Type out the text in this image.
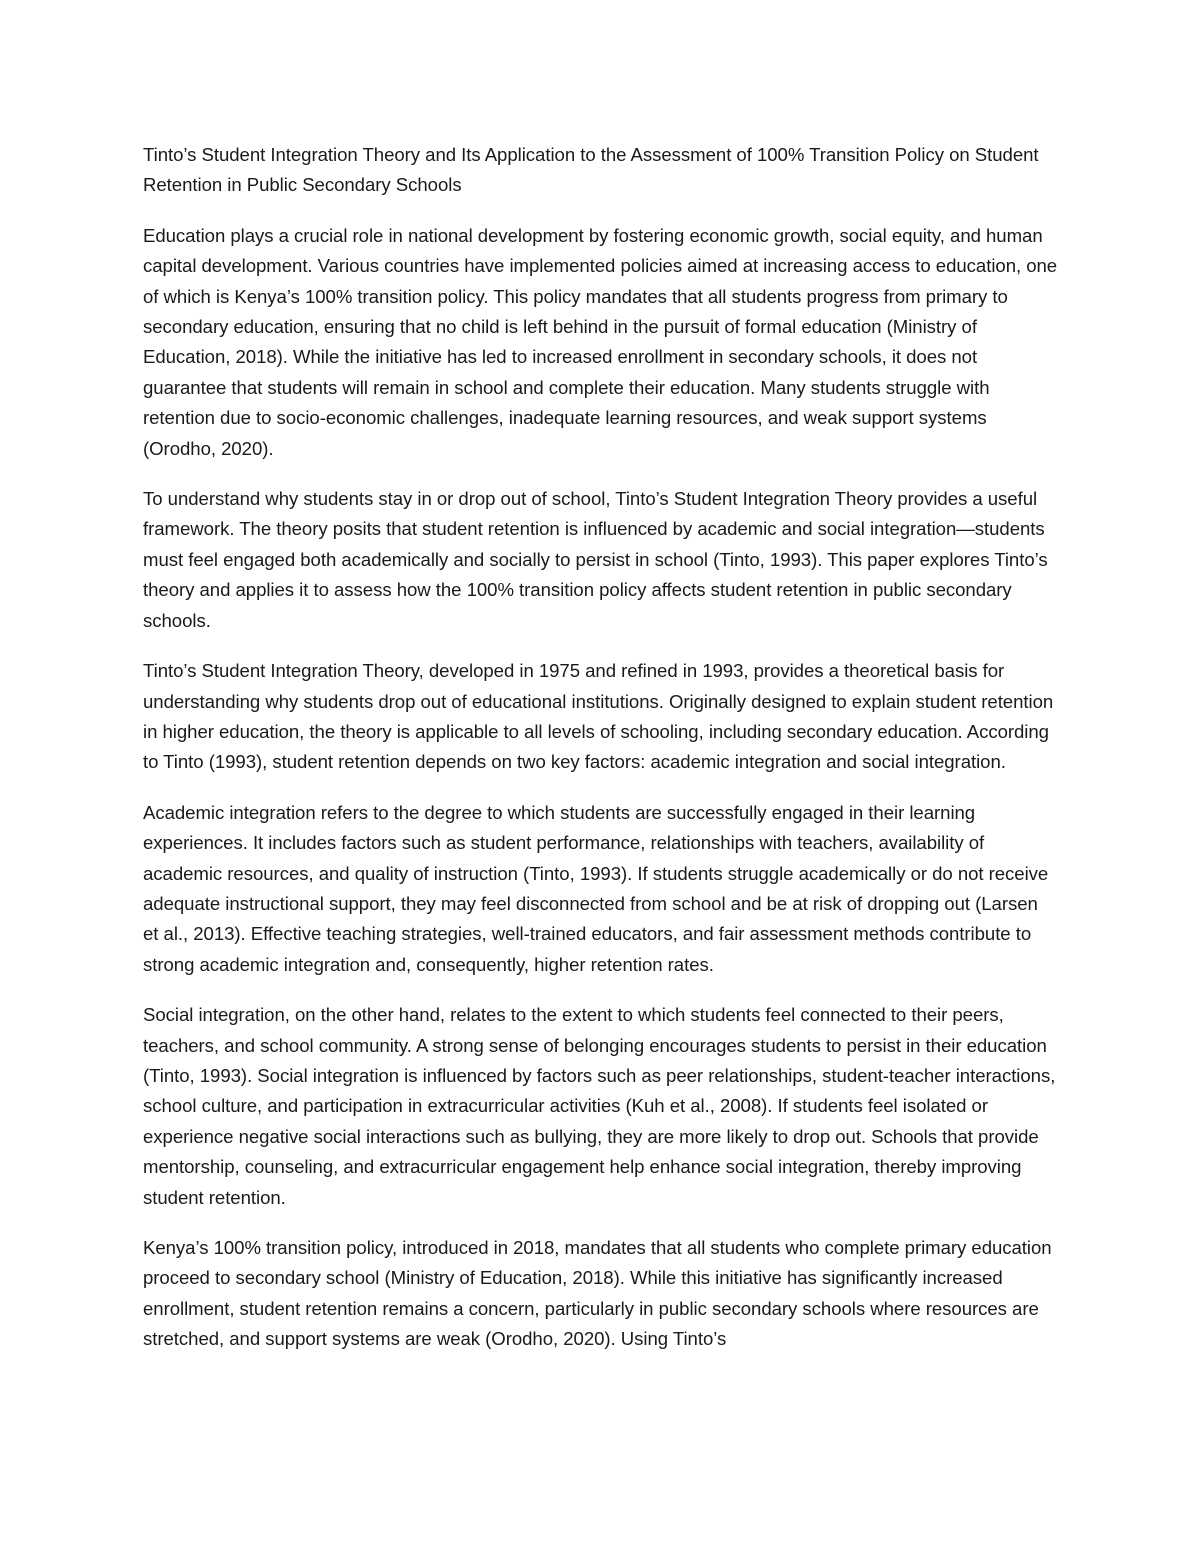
Tinto’s Student Integration Theory and Its Application to the Assessment of 100% Transition Policy on Student Retention in Public Secondary Schools

Education plays a crucial role in national development by fostering economic growth, social equity, and human capital development. Various countries have implemented policies aimed at increasing access to education, one of which is Kenya’s 100% transition policy. This policy mandates that all students progress from primary to secondary education, ensuring that no child is left behind in the pursuit of formal education (Ministry of Education, 2018). While the initiative has led to increased enrollment in secondary schools, it does not guarantee that students will remain in school and complete their education. Many students struggle with retention due to socio-economic challenges, inadequate learning resources, and weak support systems (Orodho, 2020).

To understand why students stay in or drop out of school, Tinto’s Student Integration Theory provides a useful framework. The theory posits that student retention is influenced by academic and social integration—students must feel engaged both academically and socially to persist in school (Tinto, 1993). This paper explores Tinto’s theory and applies it to assess how the 100% transition policy affects student retention in public secondary schools.

Tinto’s Student Integration Theory, developed in 1975 and refined in 1993, provides a theoretical basis for understanding why students drop out of educational institutions. Originally designed to explain student retention in higher education, the theory is applicable to all levels of schooling, including secondary education. According to Tinto (1993), student retention depends on two key factors: academic integration and social integration.

Academic integration refers to the degree to which students are successfully engaged in their learning experiences. It includes factors such as student performance, relationships with teachers, availability of academic resources, and quality of instruction (Tinto, 1993). If students struggle academically or do not receive adequate instructional support, they may feel disconnected from school and be at risk of dropping out (Larsen et al., 2013). Effective teaching strategies, well-trained educators, and fair assessment methods contribute to strong academic integration and, consequently, higher retention rates.

Social integration, on the other hand, relates to the extent to which students feel connected to their peers, teachers, and school community. A strong sense of belonging encourages students to persist in their education (Tinto, 1993). Social integration is influenced by factors such as peer relationships, student-teacher interactions, school culture, and participation in extracurricular activities (Kuh et al., 2008). If students feel isolated or experience negative social interactions such as bullying, they are more likely to drop out. Schools that provide mentorship, counseling, and extracurricular engagement help enhance social integration, thereby improving student retention.

Kenya’s 100% transition policy, introduced in 2018, mandates that all students who complete primary education proceed to secondary school (Ministry of Education, 2018). While this initiative has significantly increased enrollment, student retention remains a concern, particularly in public secondary schools where resources are stretched, and support systems are weak (Orodho, 2020). Using Tinto’s
